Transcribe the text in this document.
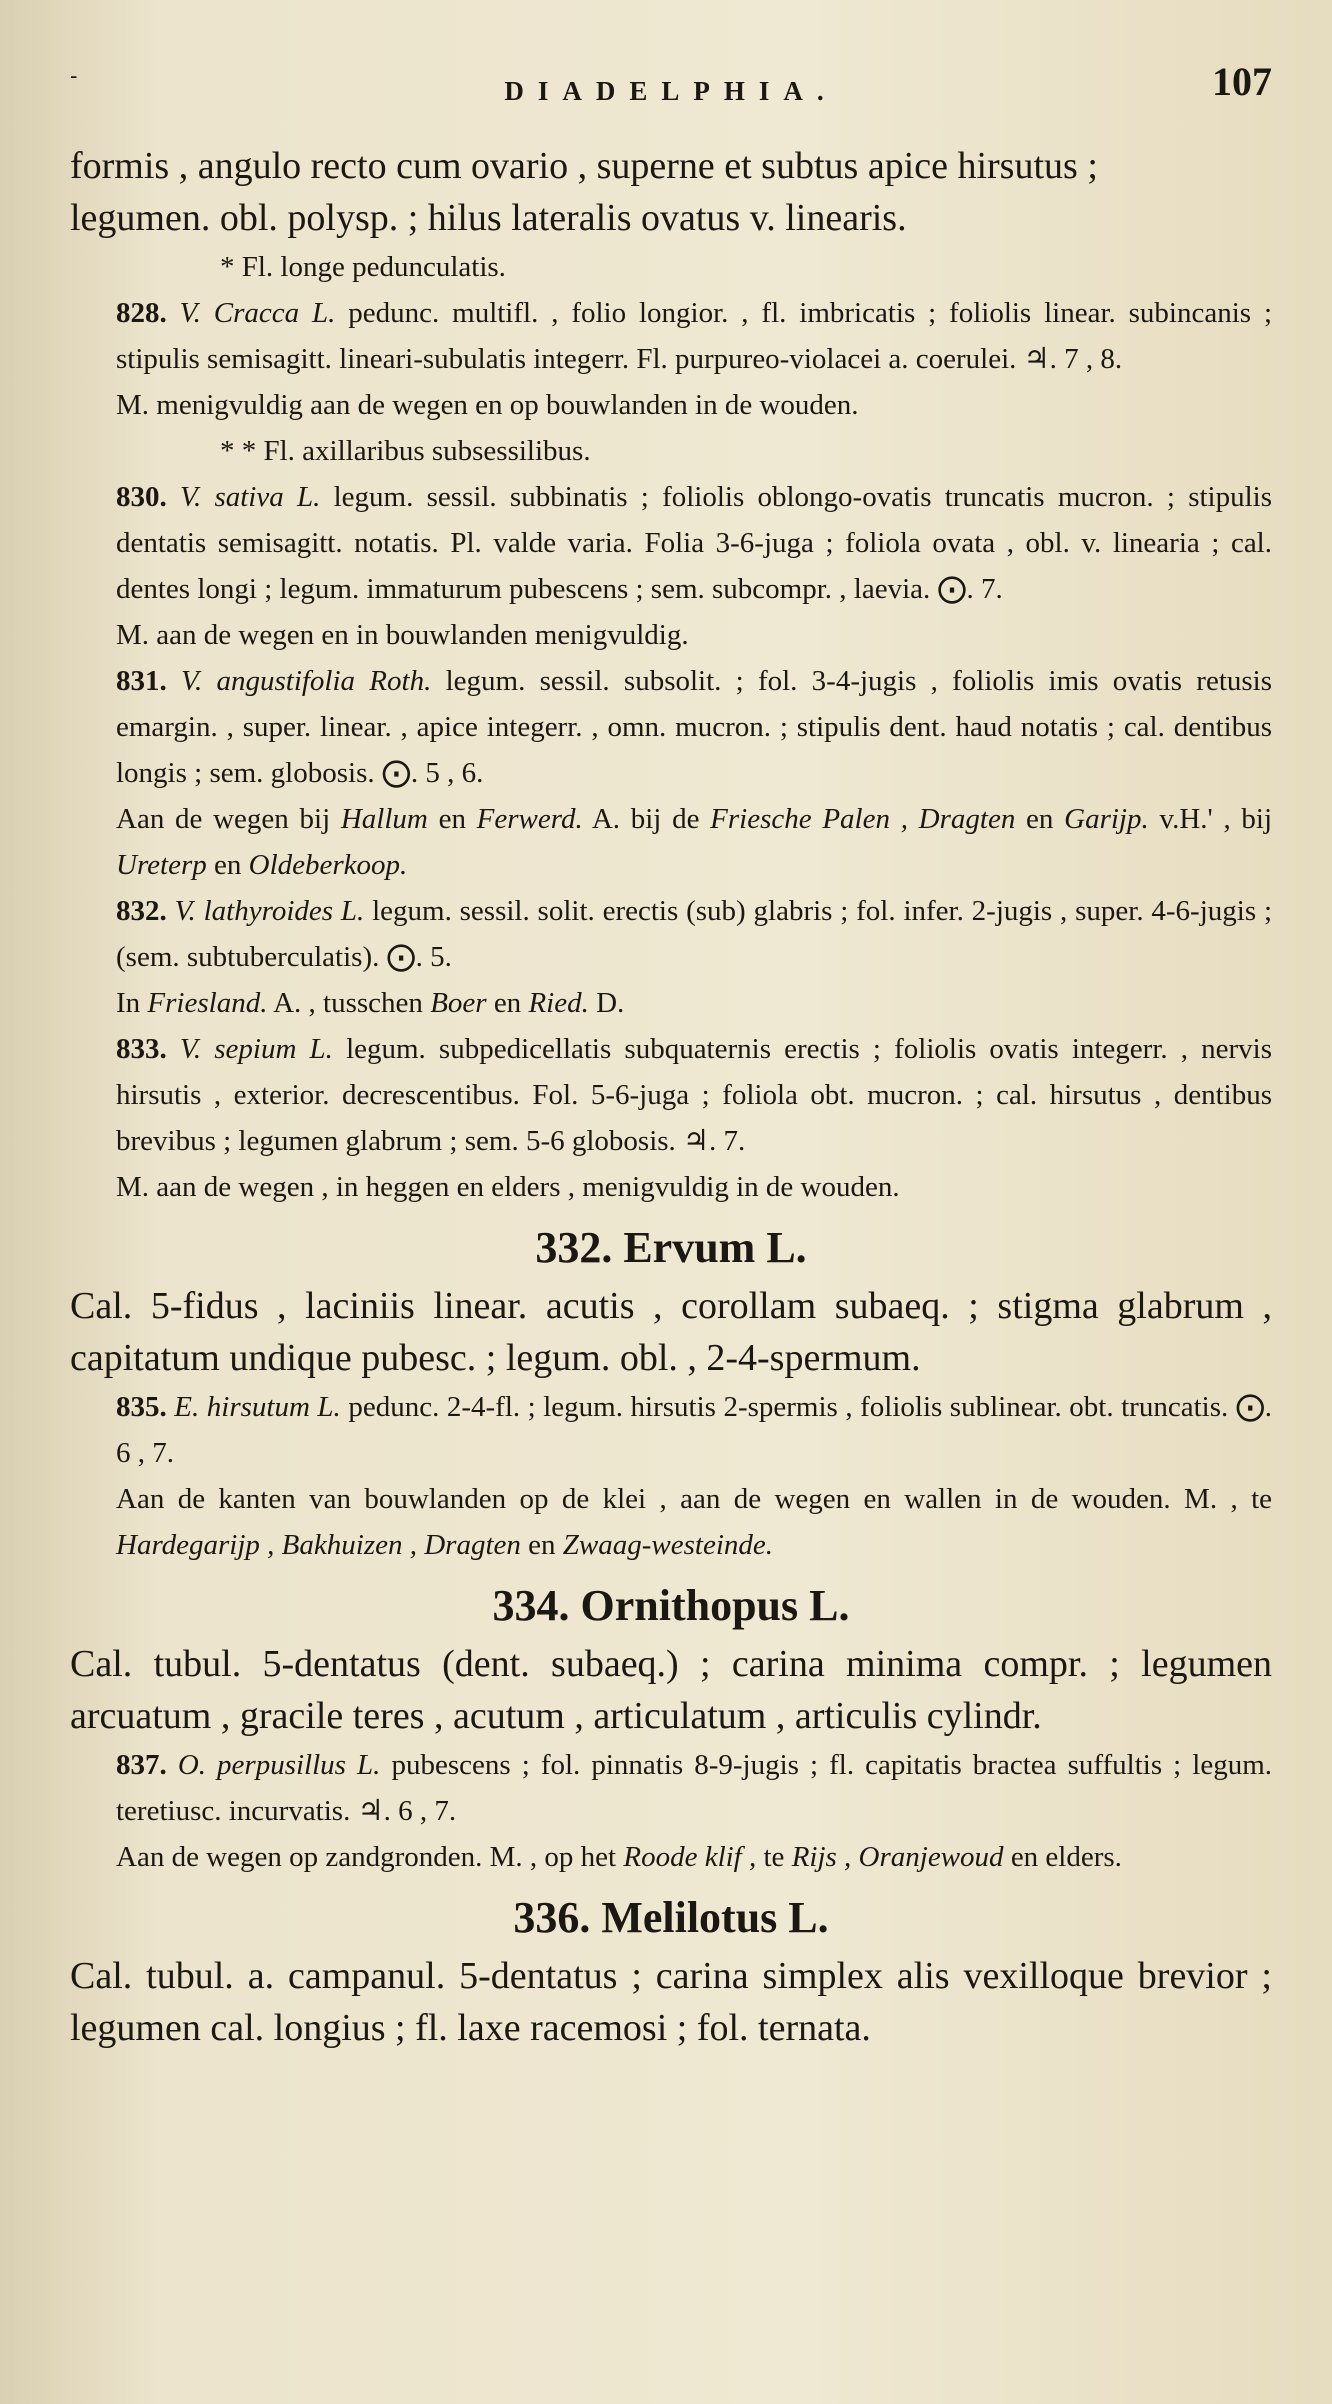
-	DIADELPHIA.	107

formis , angulo recto cum ovario , superne et subtus apice hirsutus ;
legumen. obl. polysp. ; hilus lateralis ovatus v. linearis.

* Fl. longe pedunculatis.

828. V. Cracca L. pedunc. multifl. , folio longior. , fl. imbricatis ; foliolis linear. subincanis ; stipulis semisagitt. lineari-subulatis integerr. Fl. purpureo-violacei a. coerulei. ♃. 7 , 8.

M. menigvuldig aan de wegen en op bouwlanden in de wouden.

* * Fl. axillaribus subsessilibus.

830. V. sativa L. legum. sessil. subbinatis ; foliolis oblongo-ovatis truncatis mucron. ; stipulis dentatis semisagitt. notatis. Pl. valde varia. Folia 3-6-juga ; foliola ovata , obl. v. linearia ; cal. dentes longi ; legum. immaturum pubescens ; sem. subcompr. , laevia. ⨀. 7.

M. aan de wegen en in bouwlanden menigvuldig.

831. V. angustifolia Roth. legum. sessil. subsolit. ; fol. 3-4-jugis , foliolis imis ovatis retusis emargin. , super. linear. , apice integerr. , omn. mucron. ; stipulis dent. haud notatis ; cal. dentibus longis ; sem. globosis. ⨀. 5 , 6.

Aan de wegen bij Hallum en Ferwerd. A. bij de Friesche Palen , Dragten en Garijp. v.H.' , bij Ureterp en Oldeberkoop.

832. V. lathyroides L. legum. sessil. solit. erectis (sub) glabris ; fol. infer. 2-jugis , super. 4-6-jugis ; (sem. subtuberculatis). ⨀. 5.

In Friesland. A. , tusschen Boer en Ried. D.

833. V. sepium L. legum. subpedicellatis subquaternis erectis ; foliolis ovatis integerr. , nervis hirsutis , exterior. decrescentibus. Fol. 5-6-juga ; foliola obt. mucron. ; cal. hirsutus , dentibus brevibus ; legumen glabrum ; sem. 5-6 globosis. ♃. 7.

M. aan de wegen , in heggen en elders , menigvuldig in de wouden.

332. Ervum L.

Cal. 5-fidus , laciniis linear. acutis , corollam subaeq. ; stigma glabrum , capitatum undique pubesc. ; legum. obl. , 2-4-spermum.

835. E. hirsutum L. pedunc. 2-4-fl. ; legum. hirsutis 2-spermis , foliolis sublinear. obt. truncatis. ⨀. 6 , 7.

Aan de kanten van bouwlanden op de klei , aan de wegen en wallen in de wouden. M. , te Hardegarijp , Bakhuizen , Dragten en Zwaag-westeinde.

334. Ornithopus L.

Cal. tubul. 5-dentatus (dent. subaeq.) ; carina minima compr. ; legumen arcuatum , gracile teres , acutum , articulatum , articulis cylindr.

837. O. perpusillus L. pubescens ; fol. pinnatis 8-9-jugis ; fl. capitatis bractea suffultis ; legum. teretiusc. incurvatis. ♃. 6 , 7.

Aan de wegen op zandgronden. M. , op het Roode klif , te Rijs , Oranjewoud en elders.

336. Melilotus L.

Cal. tubul. a. campanul. 5-dentatus ; carina simplex alis vexilloque brevior ; legumen cal. longius ; fl. laxe racemosi ; fol. ternata.
